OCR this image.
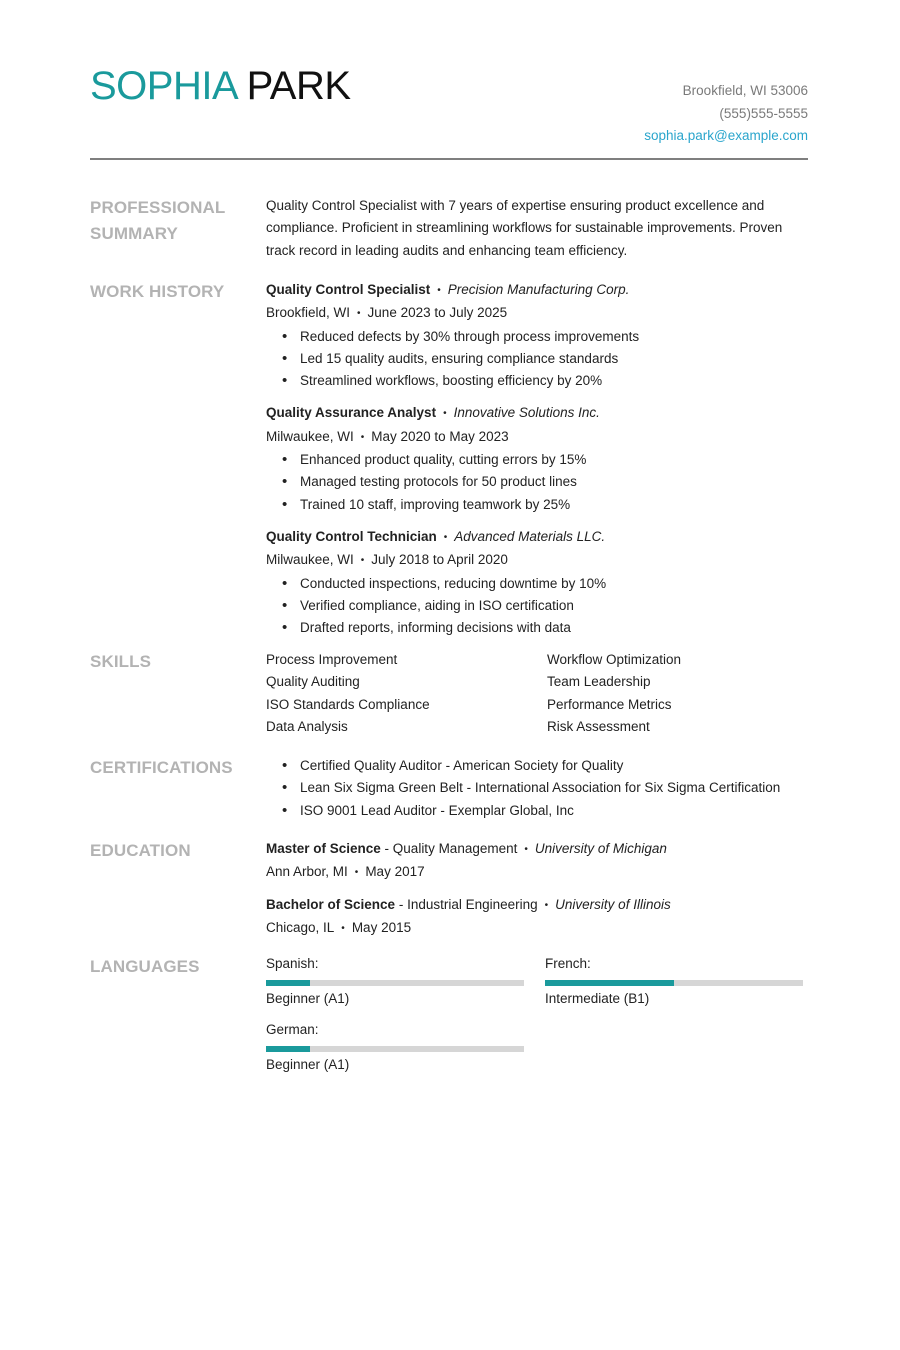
SOPHIA PARK	Brookfield, WI 53006
(555)555-5555
sophia.park@example.com
PROFESSIONAL SUMMARY
Quality Control Specialist with 7 years of expertise ensuring product excellence and compliance. Proficient in streamlining workflows for sustainable improvements. Proven track record in leading audits and enhancing team efficiency.
WORK HISTORY	Quality Control Specialist • Precision Manufacturing Corp.
Brookfield, WI • June 2023 to July 2025
• Reduced defects by 30% through process improvements
• Led 15 quality audits, ensuring compliance standards
• Streamlined workflows, boosting efficiency by 20%
Quality Assurance Analyst • Innovative Solutions Inc.
Milwaukee, WI • May 2020 to May 2023
• Enhanced product quality, cutting errors by 15%
• Managed testing protocols for 50 product lines
• Trained 10 staff, improving teamwork by 25%
Quality Control Technician • Advanced Materials LLC.
Milwaukee, WI • July 2018 to April 2020
• Conducted inspections, reducing downtime by 10%
• Verified compliance, aiding in ISO certification
• Drafted reports, informing decisions with data
SKILLS	Process Improvement	Workflow Optimization
Quality Auditing	Team Leadership
ISO Standards Compliance	Performance Metrics
Data Analysis	Risk Assessment
CERTIFICATIONS
•	Certified Quality Auditor - American Society for Quality
• Lean Six Sigma Green Belt - International Association for Six Sigma Certification
• ISO 9001 Lead Auditor - Exemplar Global, Inc
EDUCATION	Master of Science - Quality Management • University of Michigan
Ann Arbor, MI • May 2017
Bachelor of Science - Industrial Engineering • University of Illinois
Chicago, IL • May 2015
LANGUAGES	Spanish:
Beginner (A1)
French:
Intermediate (B1)
German:
Beginner (A1)
